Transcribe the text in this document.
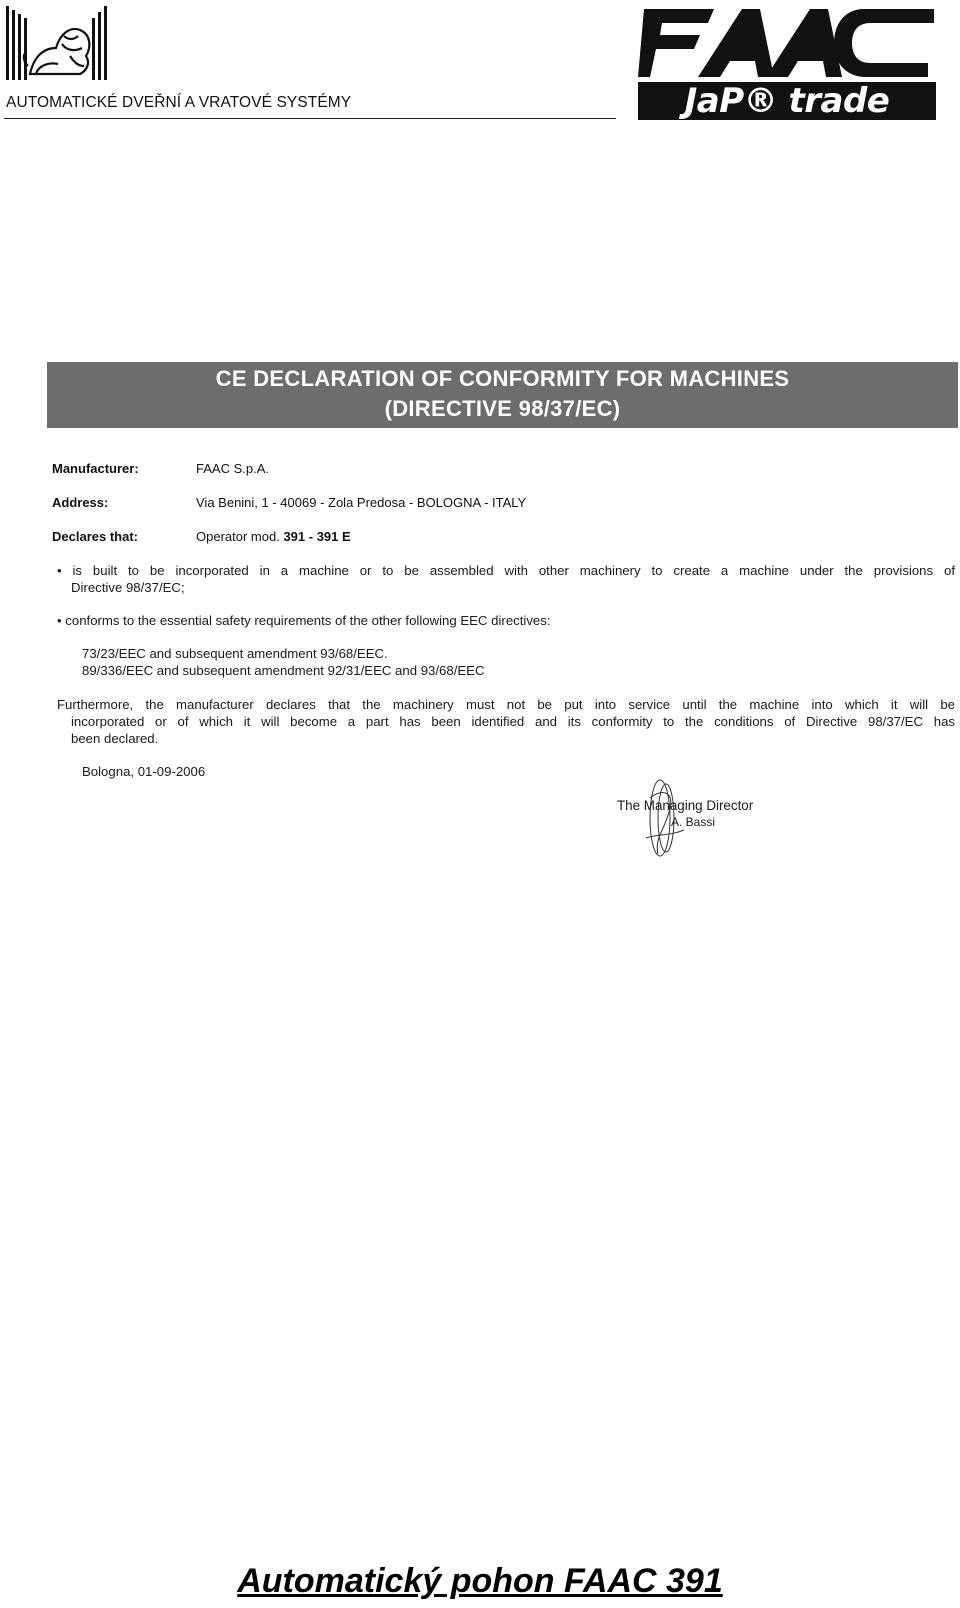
AUTOMATICKÉ DVEŘNÍ A VRATOVÉ SYSTÉMY	JaP® trade
CE DECLARATION OF CONFORMITY FOR MACHINES
(DIRECTIVE 98/37/EC)
Manufacturer:	FAAC S.p.A.
Address:	Via Benini, 1 - 40069 - Zola Predosa - BOLOGNA - ITALY
Declares that:	Operator mod. 391 - 391 E
• is built to be incorporated in a machine or to be assembled with other machinery to create a machine under the provisions of
Directive 98/37/EC;
• conforms to the essential safety requirements of the other following EEC directives:
73/23/EEC and subsequent amendment 93/68/EEC.
89/336/EEC and subsequent amendment 92/31/EEC and 93/68/EEC
Furthermore, the manufacturer declares that the machinery must not be put into service until the machine into which it will be
incorporated or of which it will become a part has been identified and its conformity to the conditions of Directive 98/37/EC has
been declared.
Bologna, 01-09-2006
The Managing Director
A. Bassi
Automatický pohon FAAC 391
